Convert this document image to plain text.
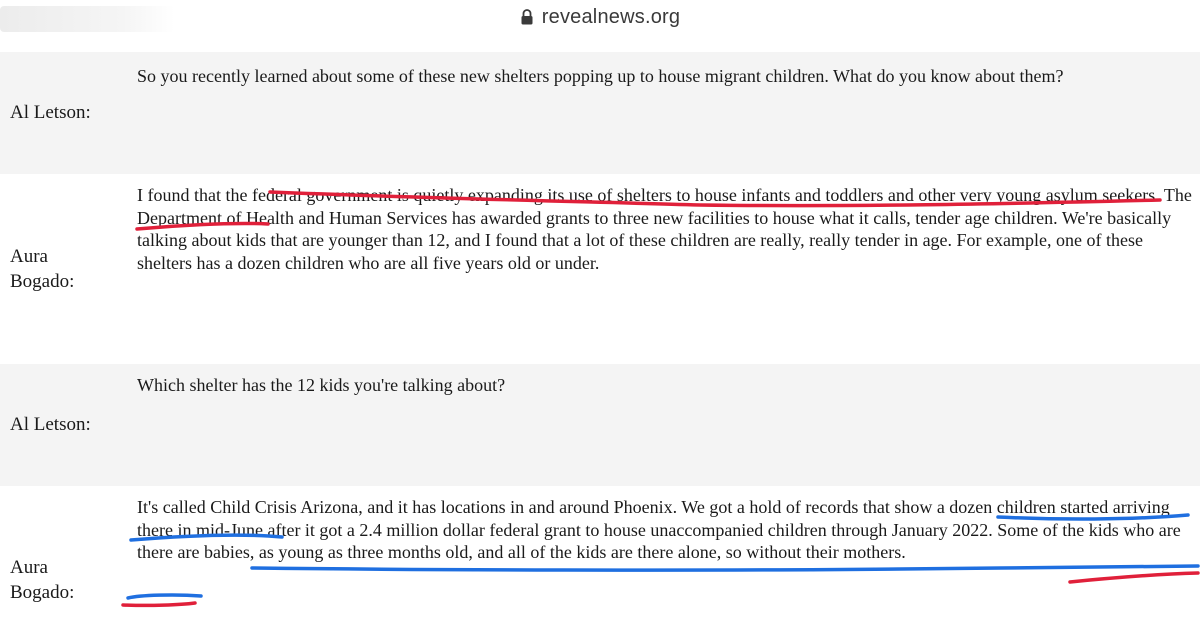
revealnews.org

So you recently learned about some of these new shelters popping up to house migrant children. What do you know about them?

Al Letson:

I found that the federal government is quietly expanding its use of shelters to house infants and toddlers and other very young asylum seekers. The Department of Health and Human Services has awarded grants to three new facilities to house what it calls, tender age children. We're basically talking about kids that are younger than 12, and I found that a lot of these children are really, really tender in age. For example, one of these shelters has a dozen children who are all five years old or under.

Aura Bogado:

Which shelter has the 12 kids you're talking about?

Al Letson:

It's called Child Crisis Arizona, and it has locations in and around Phoenix. We got a hold of records that show a dozen children started arriving there in mid-June after it got a 2.4 million dollar federal grant to house unaccompanied children through January 2022. Some of the kids who are there are babies, as young as three months old, and all of the kids are there alone, so without their mothers.

Aura Bogado:
